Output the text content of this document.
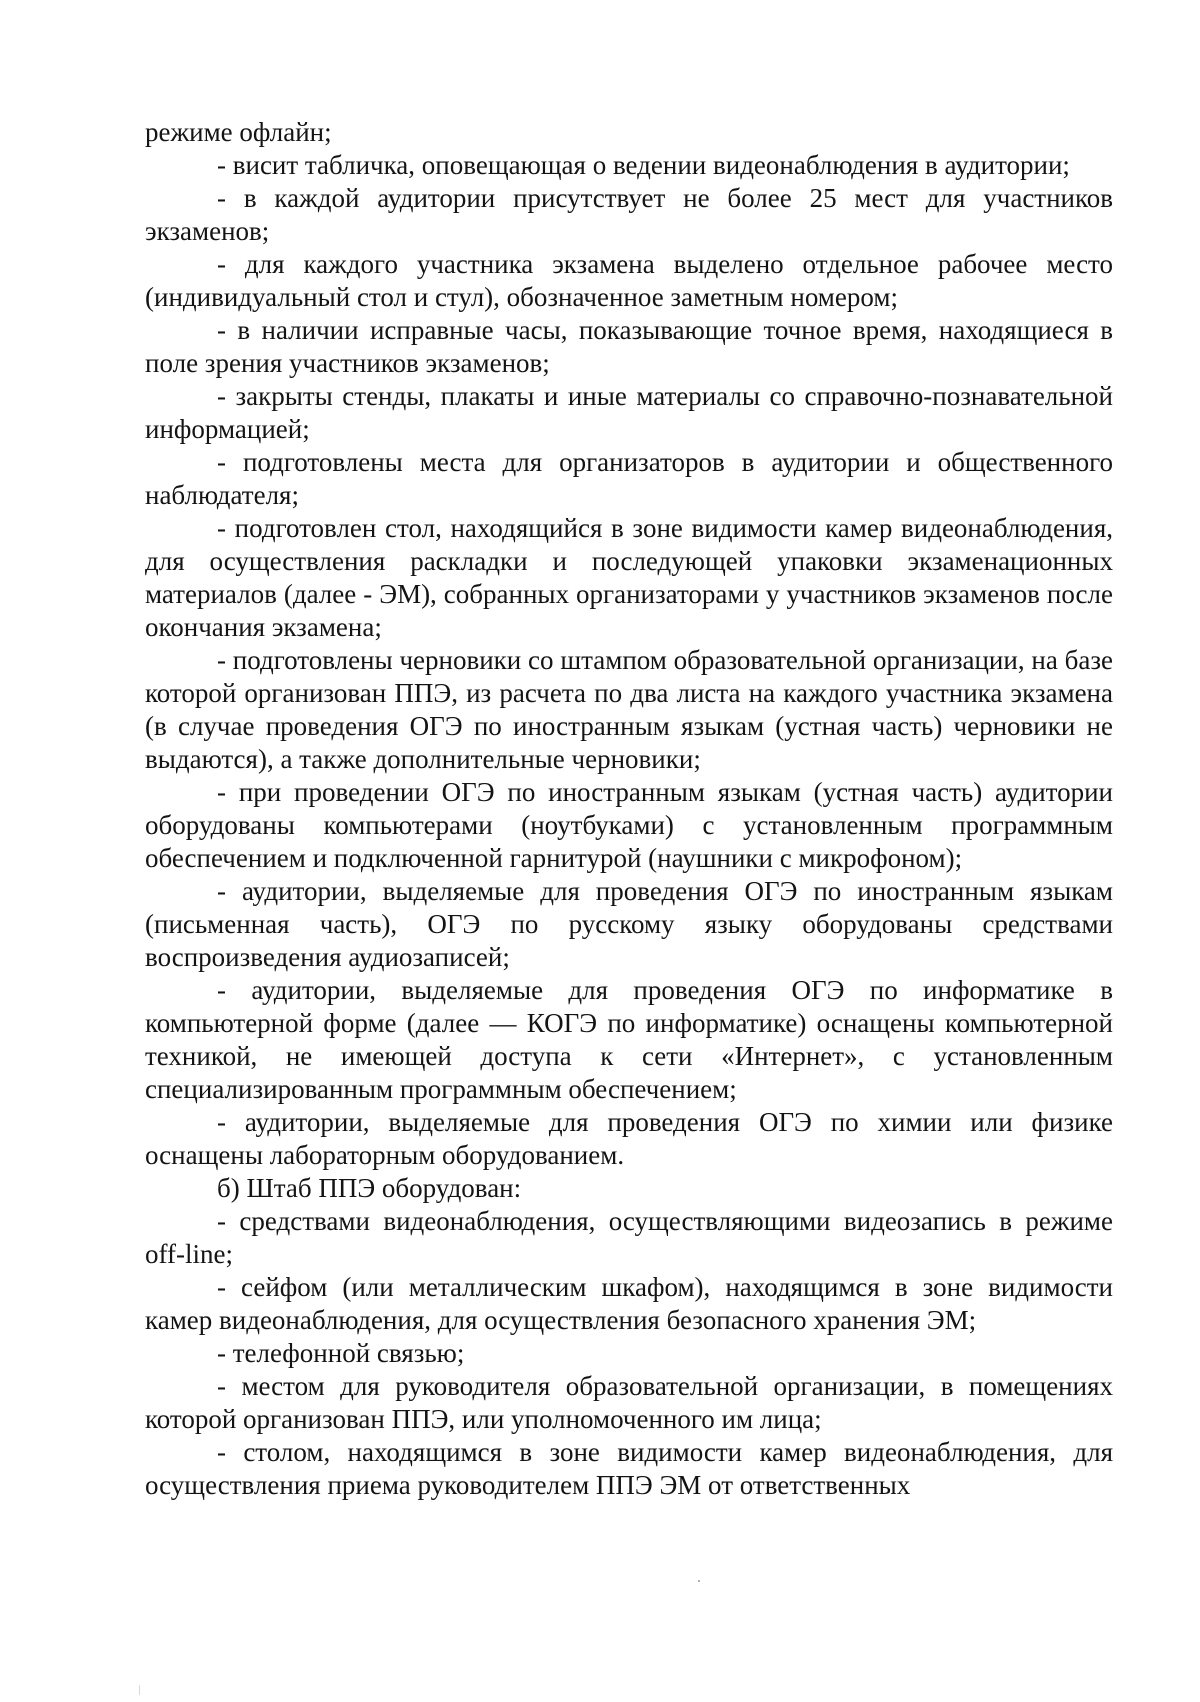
режиме офлайн;

- висит табличка, оповещающая о ведении видеонаблюдения в аудитории;

- в каждой аудитории присутствует не более 25 мест для участников экзаменов;

- для каждого участника экзамена выделено отдельное рабочее место (индивидуальный стол и стул), обозначенное заметным номером;

- в наличии исправные часы, показывающие точное время, находящиеся в поле зрения участников экзаменов;

- закрыты стенды, плакаты и иные материалы со справочно-познавательной информацией;

- подготовлены места для организаторов в аудитории и общественного наблюдателя;

- подготовлен стол, находящийся в зоне видимости камер видеонаблюдения, для осуществления раскладки и последующей упаковки экзаменационных материалов (далее - ЭМ), собранных организаторами у участников экзаменов после окончания экзамена;

- подготовлены черновики со штампом образовательной организации, на базе которой организован ППЭ, из расчета по два листа на каждого участника экзамена (в случае проведения ОГЭ по иностранным языкам (устная часть) черновики не выдаются), а также дополнительные черновики;

- при проведении ОГЭ по иностранным языкам (устная часть) аудитории оборудованы компьютерами (ноутбуками) с установленным программным обеспечением и подключенной гарнитурой (наушники с микрофоном);

- аудитории, выделяемые для проведения ОГЭ по иностранным языкам (письменная часть), ОГЭ по русскому языку оборудованы средствами воспроизведения аудиозаписей;

- аудитории, выделяемые для проведения ОГЭ по информатике в компьютерной форме (далее — КОГЭ по информатике) оснащены компьютерной техникой, не имеющей доступа к сети «Интернет», с установленным специализированным программным обеспечением;

- аудитории, выделяемые для проведения ОГЭ по химии или физике оснащены лабораторным оборудованием.

б) Штаб ППЭ оборудован:

- средствами видеонаблюдения, осуществляющими видеозапись в режиме off-line;

- сейфом (или металлическим шкафом), находящимся в зоне видимости камер видеонаблюдения, для осуществления безопасного хранения ЭМ;

- телефонной связью;

- местом для руководителя образовательной организации, в помещениях которой организован ППЭ, или уполномоченного им лица;

- столом, находящимся в зоне видимости камер видеонаблюдения, для осуществления приема руководителем ППЭ ЭМ от ответственных
